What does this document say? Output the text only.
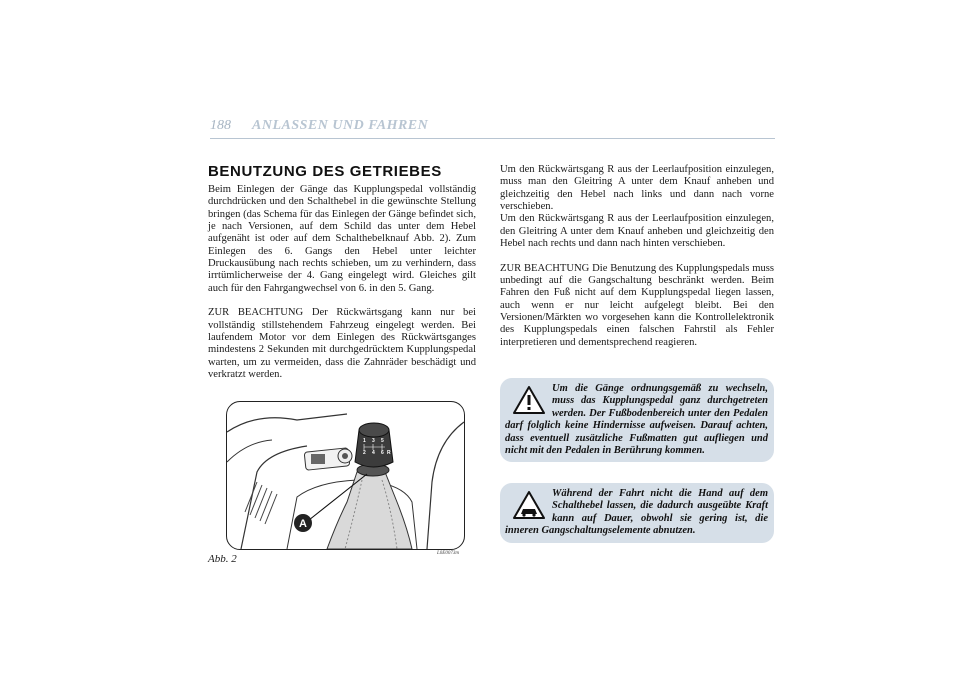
188 ANLASSEN UND FAHREN
BENUTZUNG DES GETRIEBES

Beim Einlegen der Gänge das Kupplungspedal vollständig durchdrücken und den Schalthebel in die gewünschte Stellung bringen (das Schema für das Einlegen der Gänge befindet sich, je nach Versionen, auf dem Schild das unter dem Hebel aufgenäht ist oder auf dem Schalthebelknauf Abb. 2). Zum Einlegen des 6. Gangs den Hebel unter leichter Druckausübung nach rechts schieben, um zu verhindern, dass irrtümlicherweise der 4. Gang eingelegt wird. Gleiches gilt auch für den Fahrgangwechsel von 6. in den 5. Gang.

ZUR BEACHTUNG Der Rückwärtsgang kann nur bei vollständig stillstehendem Fahrzeug eingelegt werden. Bei laufendem Motor vor dem Einlegen des Rückwärtsganges mindestens 2 Sekunden mit durchgedrücktem Kupplungspedal warten, um zu vermeiden, dass die Zahnräder beschädigt und verkratzt werden.

1 3 5
2 4 6 R
A
Abb. 2	L0E0073m

Um den Rückwärtsgang R aus der Leerlaufposition einzulegen, muss man den Gleitring A unter dem Knauf anheben und gleichzeitig den Hebel nach links und dann nach vorne verschieben.

Um den Rückwärtsgang R aus der Leerlaufposition einzulegen, den Gleitring A unter dem Knauf anheben und gleichzeitig den Hebel nach rechts und dann nach hinten verschieben.

ZUR BEACHTUNG Die Benutzung des Kupplungspedals muss unbedingt auf die Gangschaltung beschränkt werden. Beim Fahren den Fuß nicht auf dem Kupplungspedal liegen lassen, auch wenn er nur leicht aufgelegt bleibt. Bei den Versionen/Märkten wo vorgesehen kann die Kontrollelektronik des Kupplungspedals einen falschen Fahrstil als Fehler interpretieren und dementsprechend reagieren.

Um die Gänge ordnungsgemäß zu wechseln, muss das Kupplungspedal ganz durchgetreten werden. Der Fußbodenbereich unter den Pedalen darf folglich keine Hindernisse aufweisen. Darauf achten, dass eventuell zusätzliche Fußmatten gut aufliegen und nicht mit den Pedalen in Berührung kommen.

Während der Fahrt nicht die Hand auf dem Schalthebel lassen, die dadurch ausgeübte Kraft kann auf Dauer, obwohl sie gering ist, die inneren Gangschaltungselemente abnutzen.
